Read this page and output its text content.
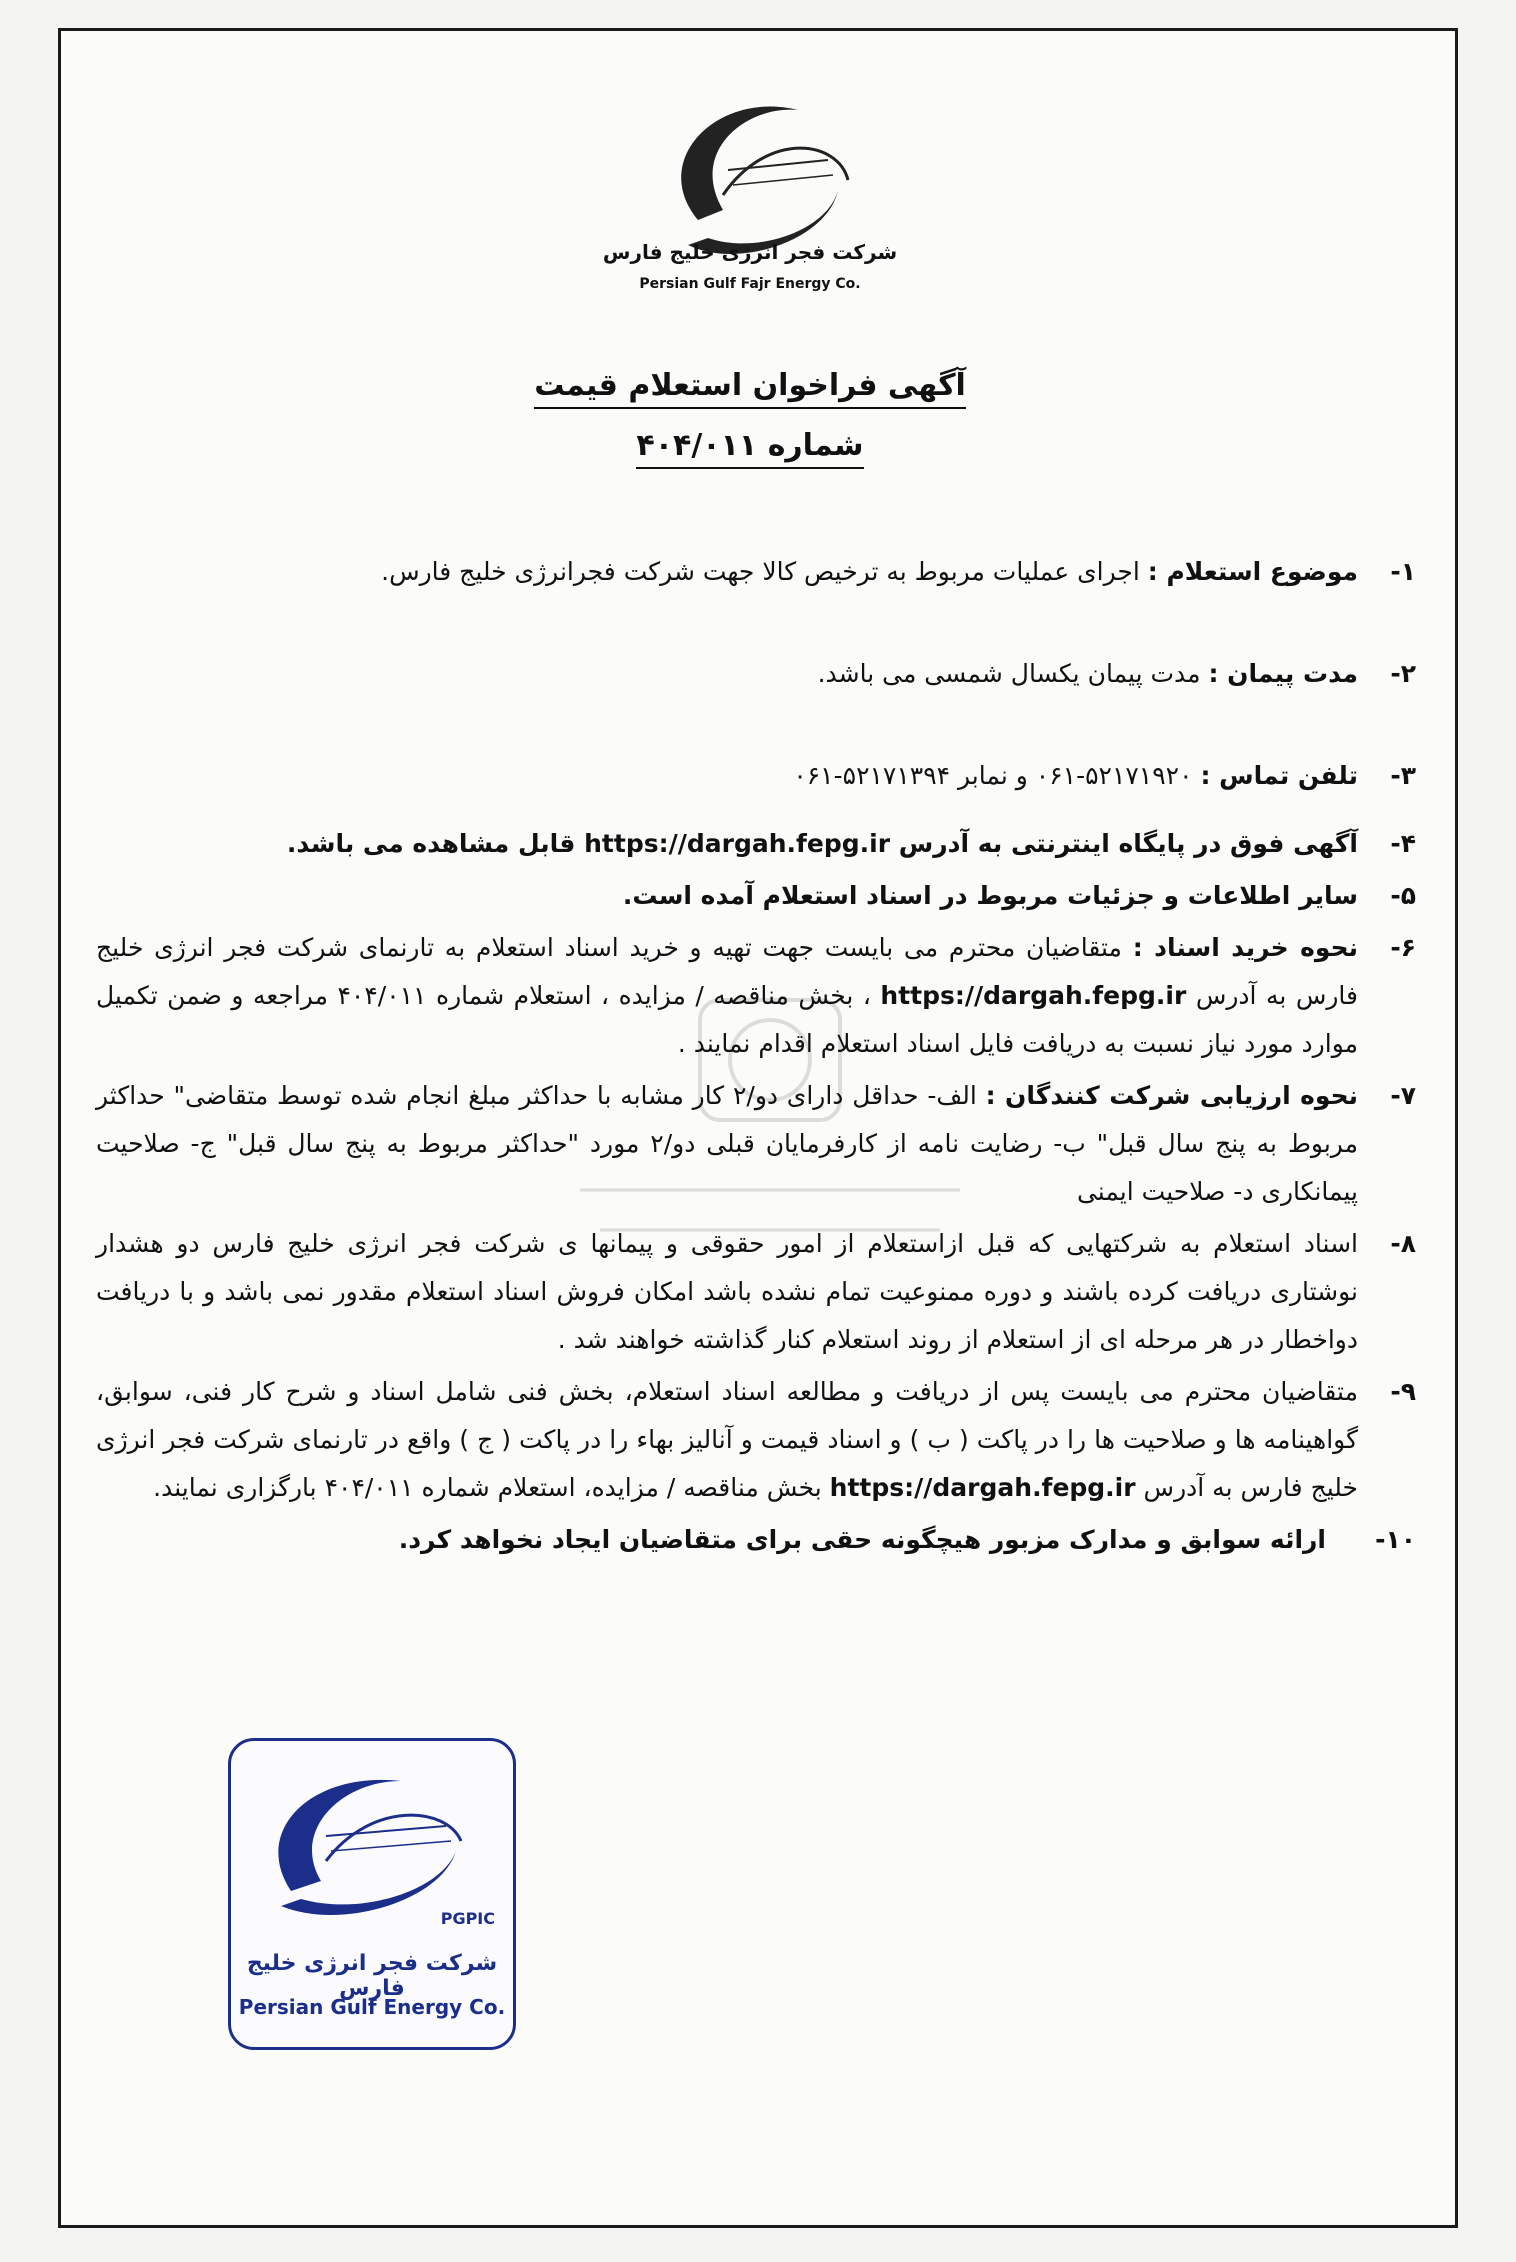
شرکت فجر انرژی خلیج فارس
Persian Gulf Fajr Energy Co.
آگهی فراخوان استعلام قیمت
شماره ۴۰۴/۰۱۱
۱-
موضوع استعلام : اجرای عملیات مربوط به ترخیص کالا جهت شرکت فجرانرژی خلیج فارس.
۲-
مدت پیمان : مدت پیمان یکسال شمسی می باشد.
۳-
تلفن تماس : ۵۲۱۷۱۹۲۰-۰۶۱ و نمابر ۵۲۱۷۱۳۹۴-۰۶۱
۴-
آگهی فوق در پایگاه اینترنتی به آدرس https://dargah.fepg.ir قابل مشاهده می باشد.
۵-
سایر اطلاعات و جزئیات مربوط در اسناد استعلام آمده است.
۶-
نحوه خرید اسناد : متقاضیان محترم می بایست جهت تهیه و خرید اسناد استعلام به تارنمای شرکت فجر انرژی خلیج فارس به آدرس https://dargah.fepg.ir ، بخش مناقصه / مزایده ، استعلام شماره ۴۰۴/۰۱۱ مراجعه و ضمن تکمیل موارد مورد نیاز نسبت به دریافت فایل اسناد استعلام اقدام نمایند .
۷-
نحوه ارزیابی شرکت کنندگان : الف- حداقل دارای دو/۲ کار مشابه با حداکثر مبلغ انجام شده توسط متقاضی" حداکثر مربوط به پنج سال قبل" ب- رضایت نامه از کارفرمایان قبلی دو/۲ مورد "حداکثر مربوط به پنج سال قبل" ج- صلاحیت پیمانکاری د- صلاحیت ایمنی
۸-
اسناد استعلام به شرکتهایی که قبل ازاستعلام از امور حقوقی و پیمانها ی شرکت فجر انرژی خلیج فارس دو هشدار نوشتاری دریافت کرده باشند و دوره ممنوعیت تمام نشده باشد امکان فروش اسناد استعلام مقدور نمی باشد و با دریافت دواخطار در هر مرحله ای از استعلام از روند استعلام کنار گذاشته خواهند شد .
۹-
متقاضیان محترم می بایست پس از دریافت و مطالعه اسناد استعلام، بخش فنی شامل اسناد و شرح کار فنی، سوابق، گواهینامه ها و صلاحیت ها را در پاکت ( ب ) و اسناد قیمت و آنالیز بهاء را در پاکت ( ج ) واقع در تارنمای شرکت فجر انرژی خلیج فارس به آدرس https://dargah.fepg.ir بخش مناقصه / مزایده، استعلام شماره ۴۰۴/۰۱۱ بارگزاری نمایند.
۱۰-
ارائه سوابق و مدارک مزبور هیچگونه حقی برای متقاضیان ایجاد نخواهد کرد.
PGPIC
شرکت فجر انرژی خلیج فارس
Persian Gulf Energy Co.
